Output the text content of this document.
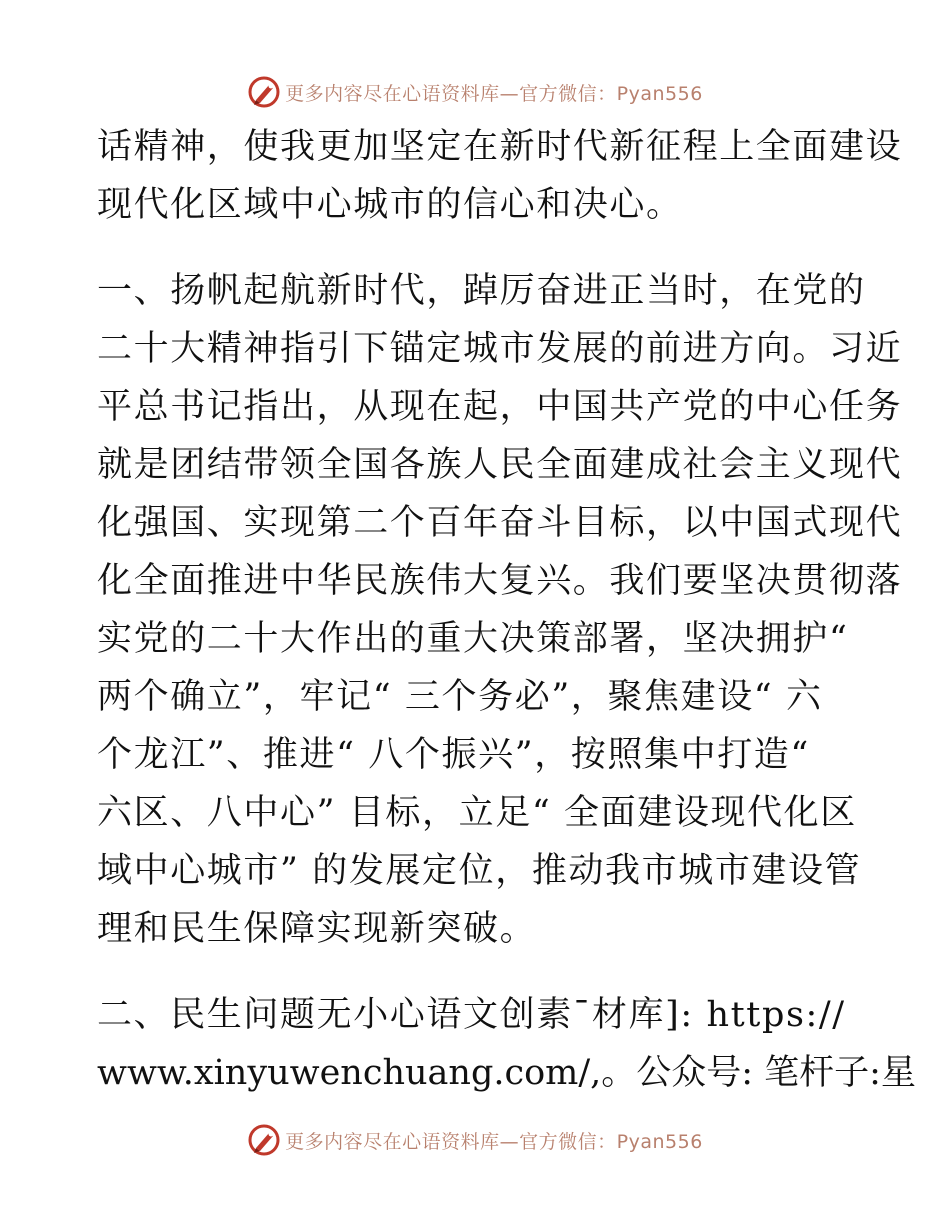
更多内容尽在心语资料库—官方微信：Pyan556
话精神，使我更加坚定在新时代新征程上全面建设
现代化区域中心城市的信心和决心。
一、扬帆起航新时代，踔厉奋进正当时，在党的
二十大精神指引下锚定城市发展的前进方向。习近
平总书记指出，从现在起，中国共产党的中心任务
就是团结带领全国各族人民全面建成社会主义现代
化强国、实现第二个百年奋斗目标，以中国式现代
化全面推进中华民族伟大复兴。我们要坚决贯彻落
实党的二十大作出的重大决策部署，坚决拥护“
两个确立”，牢记“ 三个务必”，聚焦建设“ 六
个龙江”、推进“ 八个振兴”，按照集中打造“
六区、八中心” 目标，立足“ 全面建设现代化区
域中心城市” 的发展定位，推动我市城市建设管
理和民生保障实现新突破。
二、民生问题无小心语文创素¯材库]: https://
www.xinyuwenchuang.com/,。公众号: 笔杆子:星
更多内容尽在心语资料库—官方微信：Pyan556
